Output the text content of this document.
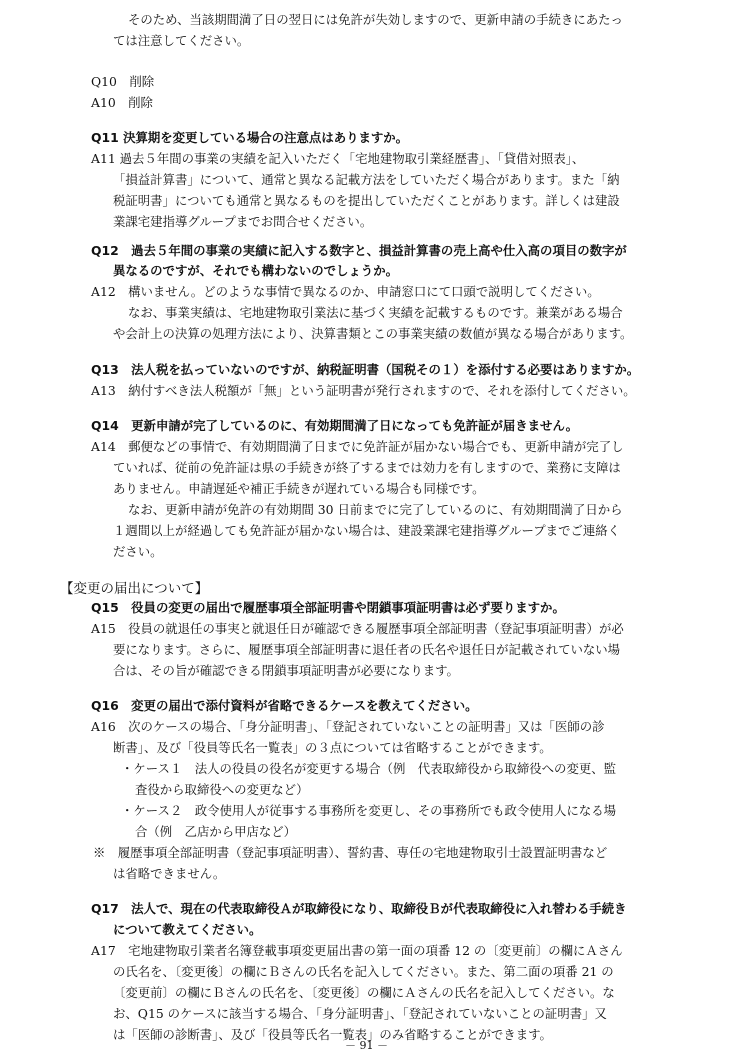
そのため、当該期間満了日の翌日には免許が失効しますので、更新申請の手続きにあたっ
ては注意してください。
Q10　削除
A10　削除
Q11 決算期を変更している場合の注意点はありますか。
A11 過去５年間の事業の実績を記入いただく「宅地建物取引業経歴書」、「貸借対照表」、
「損益計算書」について、通常と異なる記載方法をしていただく場合があります。また「納
税証明書」についても通常と異なるものを提出していただくことがあります。詳しくは建設
業課宅建指導グループまでお問合せください。
Q12　過去５年間の事業の実績に記入する数字と、損益計算書の売上高や仕入高の項目の数字が
異なるのですが、それでも構わないのでしょうか。
A12　構いません。どのような事情で異なるのか、申請窓口にて口頭で説明してください。
なお、事業実績は、宅地建物取引業法に基づく実績を記載するものです。兼業がある場合
や会計上の決算の処理方法により、決算書類とこの事業実績の数値が異なる場合があります。
Q13　法人税を払っていないのですが、納税証明書（国税その１）を添付する必要はありますか。
A13　納付すべき法人税額が「無」という証明書が発行されますので、それを添付してください。
Q14　更新申請が完了しているのに、有効期間満了日になっても免許証が届きません。
A14　郵便などの事情で、有効期間満了日までに免許証が届かない場合でも、更新申請が完了し
ていれば、従前の免許証は県の手続きが終了するまでは効力を有しますので、業務に支障は
ありません。申請遅延や補正手続きが遅れている場合も同様です。
なお、更新申請が免許の有効期間 30 日前までに完了しているのに、有効期間満了日から
１週間以上が経過しても免許証が届かない場合は、建設業課宅建指導グループまでご連絡く
ださい。
【変更の届出について】
Q15　役員の変更の届出で履歴事項全部証明書や閉鎖事項証明書は必ず要りますか。
A15　役員の就退任の事実と就退任日が確認できる履歴事項全部証明書（登記事項証明書）が必
要になります。さらに、履歴事項全部証明書に退任者の氏名や退任日が記載されていない場
合は、その旨が確認できる閉鎖事項証明書が必要になります。
Q16　変更の届出で添付資料が省略できるケースを教えてください。
A16　次のケースの場合、「身分証明書」、「登記されていないことの証明書」又は「医師の診
断書」、及び「役員等氏名一覧表」の３点については省略することができます。
・ケース１　法人の役員の役名が変更する場合（例　代表取締役から取締役への変更、監
査役から取締役への変更など）
・ケース２　政令使用人が従事する事務所を変更し、その事務所でも政令使用人になる場
合（例　乙店から甲店など）
※　履歴事項全部証明書（登記事項証明書）、誓約書、専任の宅地建物取引士設置証明書など
は省略できません。
Q17　法人で、現在の代表取締役Ａが取締役になり、取締役Ｂが代表取締役に入れ替わる手続き
について教えてください。
A17　宅地建物取引業者名簿登載事項変更届出書の第一面の項番 12 の〔変更前〕の欄にＡさん
の氏名を、〔変更後〕の欄にＢさんの氏名を記入してください。また、第二面の項番 21 の
〔変更前〕の欄にＢさんの氏名を、〔変更後〕の欄にＡさんの氏名を記入してください。な
お、Q15 のケースに該当する場合、「身分証明書」、「登記されていないことの証明書」又
は「医師の診断書」、及び「役員等氏名一覧表」のみ省略することができます。
－ 91 －
